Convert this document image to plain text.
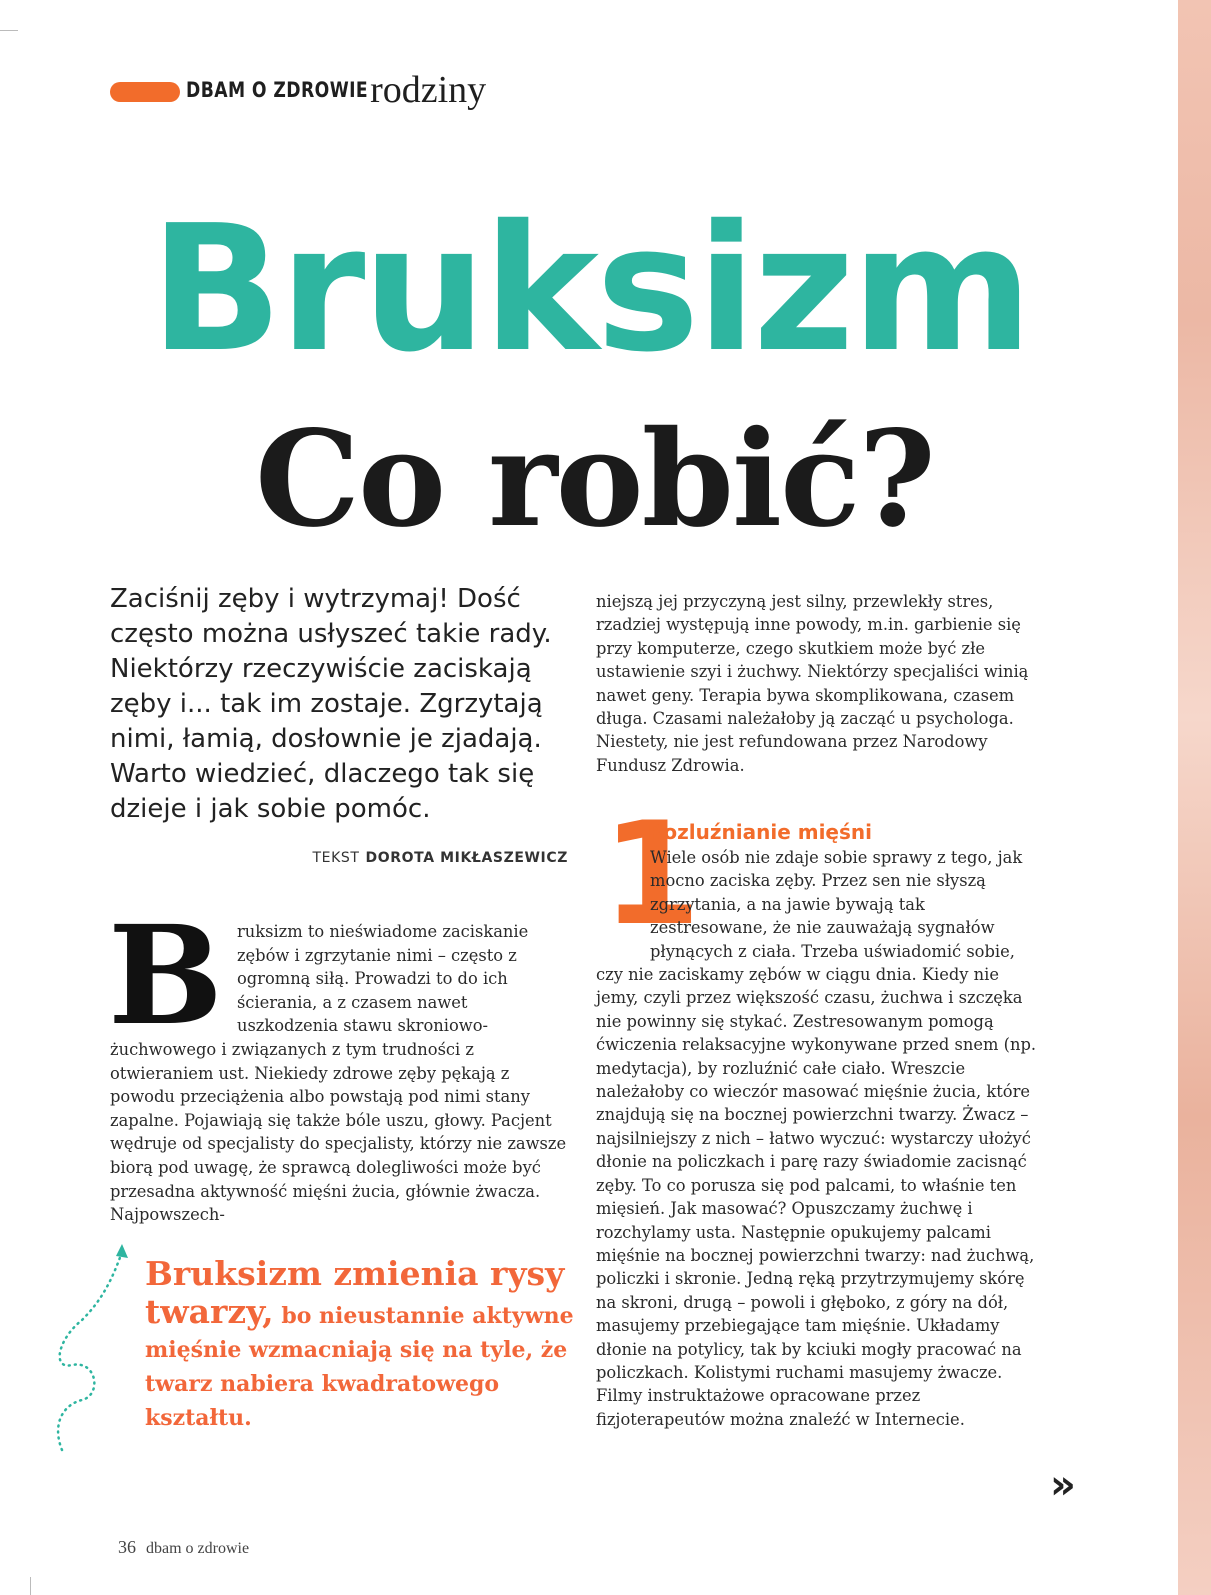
DBAM O ZDROWIE rodziny
Bruksizm
Co robić?
Zaciśnij zęby i wytrzymaj! Dość często można usłyszeć takie rady. Niektórzy rzeczywiście zaciskają zęby i... tak im zostaje. Zgrzytają nimi, łamią, dosłownie je zjadają. Warto wiedzieć, dlaczego tak się dzieje i jak sobie pomóc.
TEKST DOROTA MIKŁASZEWICZ
B ruksizm to nieświadome zaciskanie zębów i zgrzytanie nimi – często z ogromną siłą. Prowadzi to do ich ścierania, a z czasem nawet uszkodzenia stawu skroniowo-żuchwowego i związanych z tym trudności z otwieraniem ust. Niekiedy zdrowe zęby pękają z powodu przeciążenia albo powstają pod nimi stany zapalne. Pojawiają się także bóle uszu, głowy. Pacjent wędruje od specjalisty do specjalisty, którzy nie zawsze biorą pod uwagę, że sprawcą dolegliwości może być przesadna aktywność mięśni żucia, głównie żwacza. Najpowszech-
niejszą jej przyczyną jest silny, przewlekły stres, rzadziej występują inne powody, m.in. garbienie się przy komputerze, czego skutkiem może być złe ustawienie szyi i żuchwy. Niektórzy specjaliści winią nawet geny. Terapia bywa skomplikowana, czasem długa. Czasami należałoby ją zacząć u psychologa. Niestety, nie jest refundowana przez Narodowy Fundusz Zdrowia.
1
Rozluźnianie mięśni
Wiele osób nie zdaje sobie sprawy z tego, jak mocno zaciska zęby. Przez sen nie słyszą zgrzytania, a na jawie bywają tak zestresowane, że nie zauważają sygnałów płynących z ciała. Trzeba uświadomić sobie, czy nie zaciskamy zębów w ciągu dnia. Kiedy nie jemy, czyli przez większość czasu, żuchwa i szczęka nie powinny się stykać. Zestresowanym pomogą ćwiczenia relaksacyjne wykonywane przed snem (np. medytacja), by rozluźnić całe ciało. Wreszcie należałoby co wieczór masować mięśnie żucia, które znajdują się na bocznej powierzchni twarzy. Żwacz – najsilniejszy z nich – łatwo wyczuć: wystarczy ułożyć dłonie na policzkach i parę razy świadomie zacisnąć zęby. To co porusza się pod palcami, to właśnie ten mięsień. Jak masować? Opuszczamy żuchwę i rozchylamy usta. Następnie opukujemy palcami mięśnie na bocznej powierzchni twarzy: nad żuchwą, policzki i skronie. Jedną ręką przytrzymujemy skórę na skroni, drugą – powoli i głęboko, z góry na dół, masujemy przebiegające tam mięśnie. Układamy dłonie na potylicy, tak by kciuki mogły pracować na policzkach. Kolistymi ruchami masujemy żwacze. Filmy instruktażowe opracowane przez fizjoterapeutów można znaleźć w Internecie.
Bruksizm zmienia rysy twarzy, bo nieustannie aktywne mięśnie wzmacniają się na tyle, że twarz nabiera kwadratowego kształtu.
»
36 dbam o zdrowie
